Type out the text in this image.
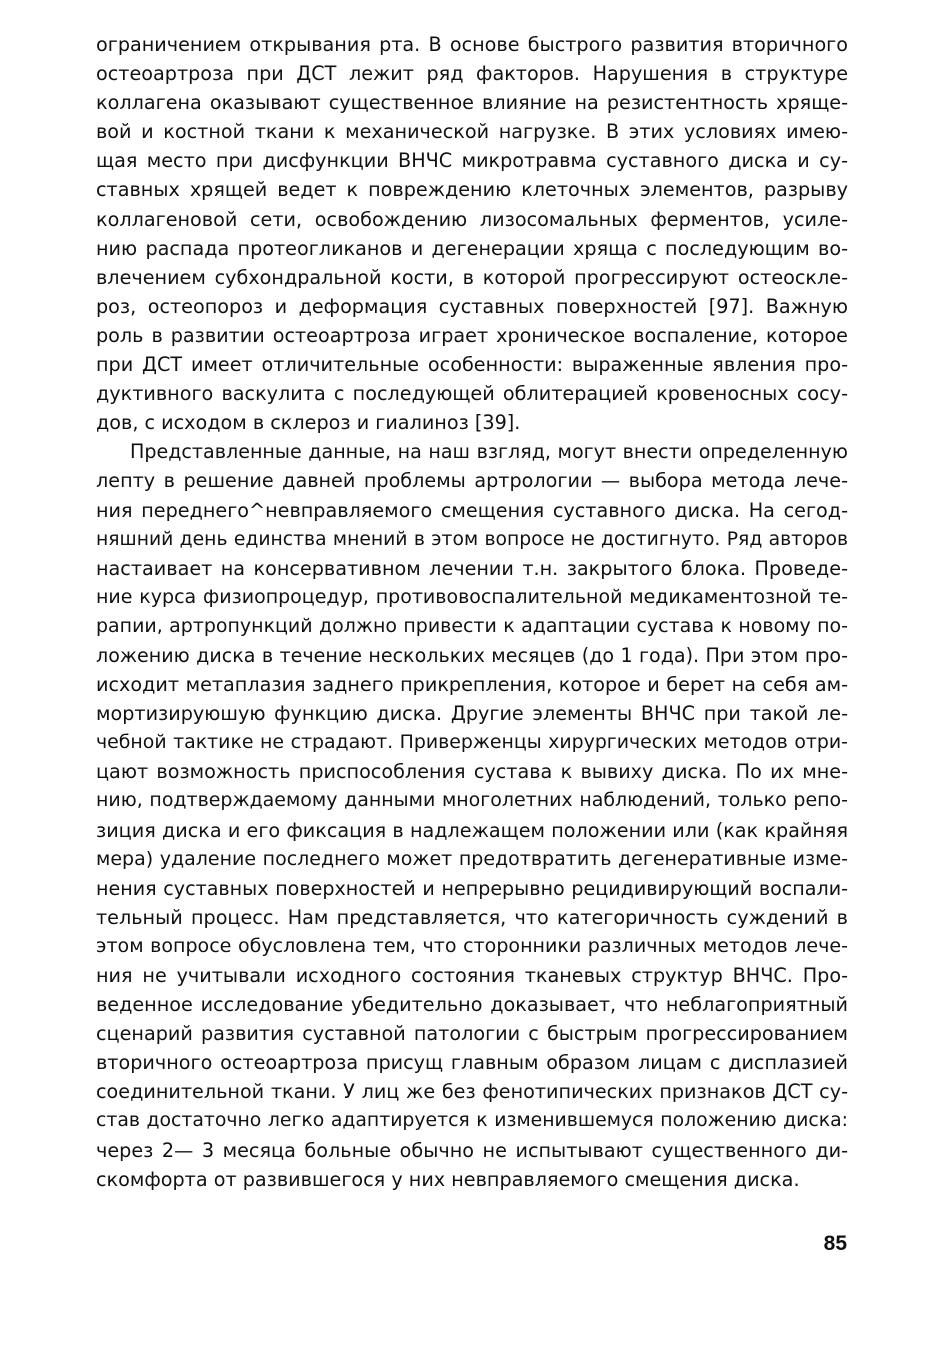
ограничением открывания рта. В основе быстрого развития вторичного
остеоартроза при ДСТ лежит ряд факторов. Нарушения в структуре
коллагена оказывают существенное влияние на резистентность хряще-
вой и костной ткани к механической нагрузке. В этих условиях имею-
щая место при дисфункции ВНЧС микротравма суставного диска и су-
ставных хрящей ведет к повреждению клеточных элементов, разрыву
коллагеновой сети, освобождению лизосомальных ферментов, усиле-
нию распада протеогликанов и дегенерации хряща с последующим во-
влечением субхондральной кости, в которой прогрессируют остеоскле-
роз, остеопороз и деформация суставных поверхностей [97]. Важную
роль в развитии остеоартроза играет хроническое воспаление, которое
при ДСТ имеет отличительные особенности: выраженные явления про-
дуктивного васкулита с последующей облитерацией кровеносных сосу-
дов, с исходом в склероз и гиалиноз [39].
Представленные данные, на наш взгляд, могут внести определенную
лепту в решение давней проблемы артрологии — выбора метода лече-
ния переднего^невправляемого смещения суставного диска. На сегод-
няшний день единства мнений в этом вопросе не достигнуто. Ряд авторов
настаивает на консервативном лечении т.н. закрытого блока. Проведе-
ние курса физиопроцедур, противовоспалительной медикаментозной те-
рапии, артропункций должно привести к адаптации сустава к новому по-
ложению диска в течение нескольких месяцев (до 1 года). При этом про-
исходит метаплазия заднего прикрепления, которое и берет на себя ам-
мортизируюшую функцию диска. Другие элементы ВНЧС при такой ле-
чебной тактике не страдают. Приверженцы хирургических методов отри-
цают возможность приспособления сустава к вывиху диска. По их мне-
нию, подтверждаемому данными многолетних наблюдений, только репо-
зиция диска и его фиксация в надлежащем положении или (как крайняя
мера) удаление последнего может предотвратить дегенеративные изме-
нения суставных поверхностей и непрерывно рецидивирующий воспали-
тельный процесс. Нам представляется, что категоричность суждений в
этом вопросе обусловлена тем, что сторонники различных методов лече-
ния не учитывали исходного состояния тканевых структур ВНЧС. Про-
веденное исследование убедительно доказывает, что неблагоприятный
сценарий развития суставной патологии с быстрым прогрессированием
вторичного остеоартроза присущ главным образом лицам с дисплазией
соединительной ткани. У лиц же без фенотипических признаков ДСТ су-
став достаточно легко адаптируется к изменившемуся положению диска:
через 2— 3 месяца больные обычно не испытывают существенного ди-
скомфорта от развившегося у них невправляемого смещения диска.
85
